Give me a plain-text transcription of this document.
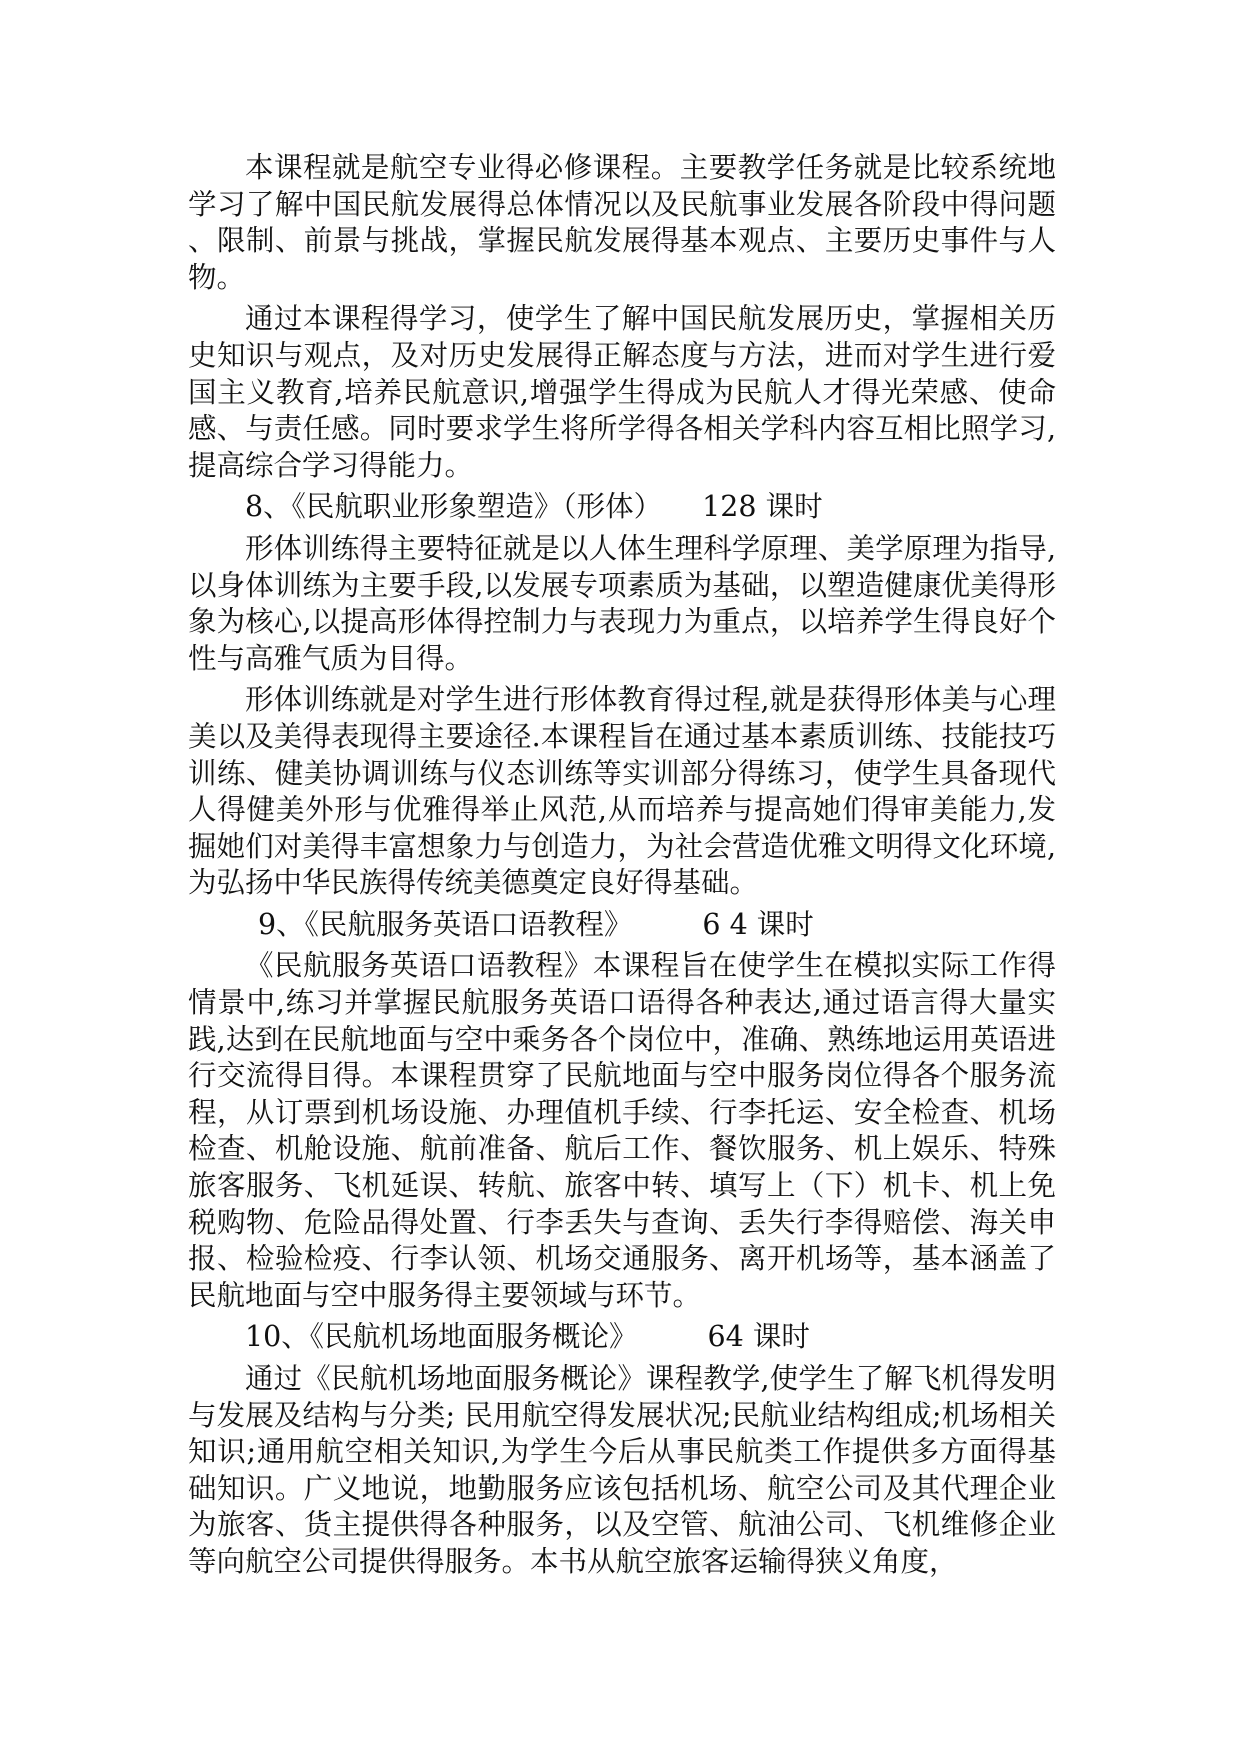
本课程就是航空专业得必修课程。主要教学任务就是比较系统地学习了解中国民航发展得总体情况以及民航事业发展各阶段中得问题、限制、前景与挑战，掌握民航发展得基本观点、主要历史事件与人物。

通过本课程得学习，使学生了解中国民航发展历史，掌握相关历史知识与观点，及对历史发展得正解态度与方法，进而对学生进行爱国主义教育,培养民航意识,增强学生得成为民航人才得光荣感、使命感、与责任感。同时要求学生将所学得各相关学科内容互相比照学习,提高综合学习得能力。

8、《民航职业形象塑造》（形体） 128 课时

形体训练得主要特征就是以人体生理科学原理、美学原理为指导,以身体训练为主要手段,以发展专项素质为基础，以塑造健康优美得形象为核心,以提高形体得控制力与表现力为重点，以培养学生得良好个性与高雅气质为目得。

形体训练就是对学生进行形体教育得过程,就是获得形体美与心理美以及美得表现得主要途径.本课程旨在通过基本素质训练、技能技巧训练、健美协调训练与仪态训练等实训部分得练习，使学生具备现代人得健美外形与优雅得举止风范,从而培养与提高她们得审美能力,发掘她们对美得丰富想象力与创造力，为社会营造优雅文明得文化环境,为弘扬中华民族得传统美德奠定良好得基础。

9、《民航服务英语口语教程》 6 4 课时

《民航服务英语口语教程》本课程旨在使学生在模拟实际工作得情景中,练习并掌握民航服务英语口语得各种表达,通过语言得大量实践,达到在民航地面与空中乘务各个岗位中，准确、熟练地运用英语进行交流得目得。本课程贯穿了民航地面与空中服务岗位得各个服务流程，从订票到机场设施、办理值机手续、行李托运、安全检查、机场检查、机舱设施、航前准备、航后工作、餐饮服务、机上娱乐、特殊旅客服务、飞机延误、转航、旅客中转、填写上（下）机卡、机上免税购物、危险品得处置、行李丢失与查询、丢失行李得赔偿、海关申报、检验检疫、行李认领、机场交通服务、离开机场等，基本涵盖了民航地面与空中服务得主要领域与环节。

10、《民航机场地面服务概论》 64 课时

通过《民航机场地面服务概论》课程教学,使学生了解飞机得发明与发展及结构与分类; 民用航空得发展状况;民航业结构组成;机场相关知识;通用航空相关知识,为学生今后从事民航类工作提供多方面得基础知识。广义地说，地勤服务应该包括机场、航空公司及其代理企业为旅客、货主提供得各种服务，以及空管、航油公司、飞机维修企业等向航空公司提供得服务。本书从航空旅客运输得狭义角度，
